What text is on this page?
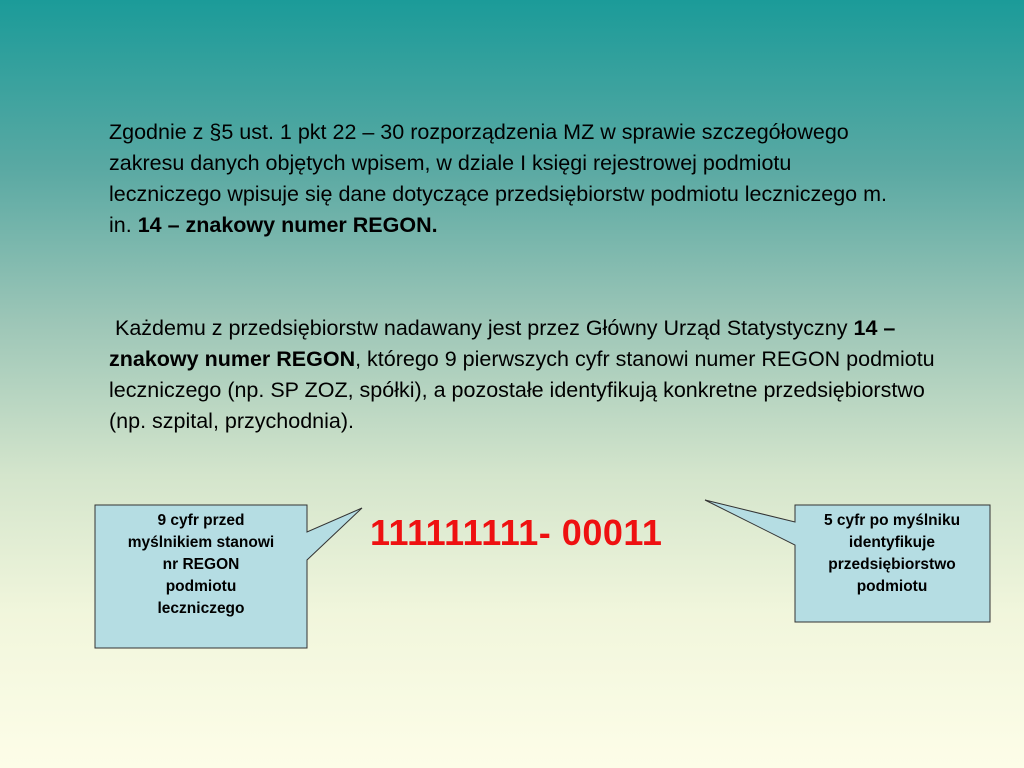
Zgodnie z §5 ust. 1 pkt 22 – 30 rozporządzenia MZ w sprawie szczegółowego zakresu danych objętych wpisem, w dziale I księgi rejestrowej podmiotu leczniczego wpisuje się dane dotyczące przedsiębiorstw podmiotu leczniczego m. in. 14 – znakowy numer REGON.

Każdemu z przedsiębiorstw nadawany jest przez Główny Urząd Statystyczny 14 – znakowy numer REGON, którego 9 pierwszych cyfr stanowi numer REGON podmiotu leczniczego (np. SP ZOZ, spółki), a pozostałe identyfikują konkretne przedsiębiorstwo (np. szpital, przychodnia).

9 cyfr przed
myślnikiem stanowi
nr REGON
podmiotu
leczniczego
5 cyfr po myślniku
identyfikuje
przedsiębiorstwo
podmiotu
111111111- 00011
